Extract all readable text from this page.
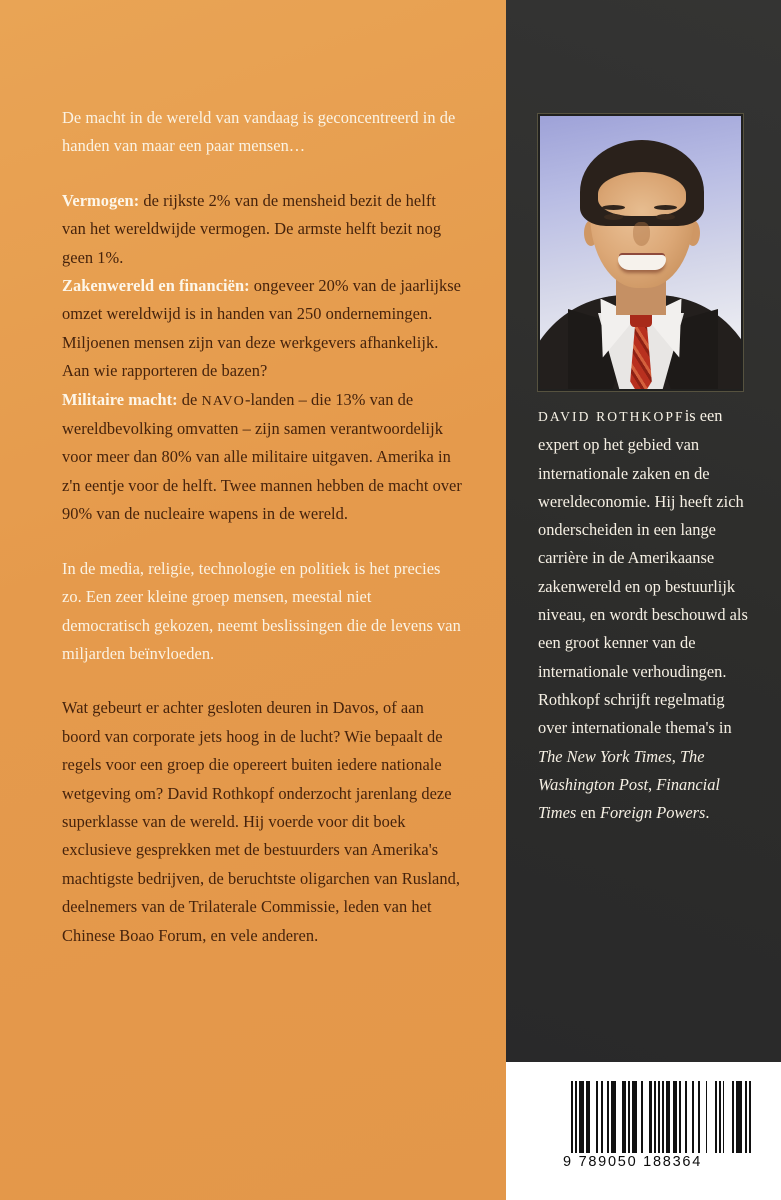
De macht in de wereld van vandaag is geconcentreerd in de handen van maar een paar mensen…

Vermogen: de rijkste 2% van de mensheid bezit de helft van het wereldwijde vermogen. De armste helft bezit nog geen 1%.

Zakenwereld en financiën: ongeveer 20% van de jaarlijkse omzet wereldwijd is in handen van 250 ondernemingen. Miljoenen mensen zijn van deze werkgevers afhankelijk. Aan wie rapporteren de bazen?

Militaire macht: de NAVO-landen – die 13% van de wereldbevolking omvatten – zijn samen verantwoordelijk voor meer dan 80% van alle militaire uitgaven. Amerika in z'n eentje voor de helft. Twee mannen hebben de macht over 90% van de nucleaire wapens in de wereld.

In de media, religie, technologie en politiek is het precies zo. Een zeer kleine groep mensen, meestal niet democratisch gekozen, neemt beslissingen die de levens van miljarden beïnvloeden.

Wat gebeurt er achter gesloten deuren in Davos, of aan boord van corporate jets hoog in de lucht? Wie bepaalt de regels voor een groep die opereert buiten iedere nationale wetgeving om? David Rothkopf onderzocht jarenlang deze superklasse van de wereld. Hij voerde voor dit boek exclusieve gesprekken met de bestuurders van Amerika's machtigste bedrijven, de beruchtste oligarchen van Rusland, deelnemers van de Trilaterale Commissie, leden van het Chinese Boao Forum, en vele anderen.

DAVID ROTHKOPFis een expert op het gebied van internationale zaken en de wereldeconomie. Hij heeft zich onderscheiden in een lange carrière in de Amerikaanse zakenwereld en op bestuurlijk niveau, en wordt beschouwd als een groot kenner van de internationale verhoudingen. Rothkopf schrijft regelmatig over internationale thema's in The New York Times, The Washington Post, Financial Times en Foreign Powers.

9 789050 188364
